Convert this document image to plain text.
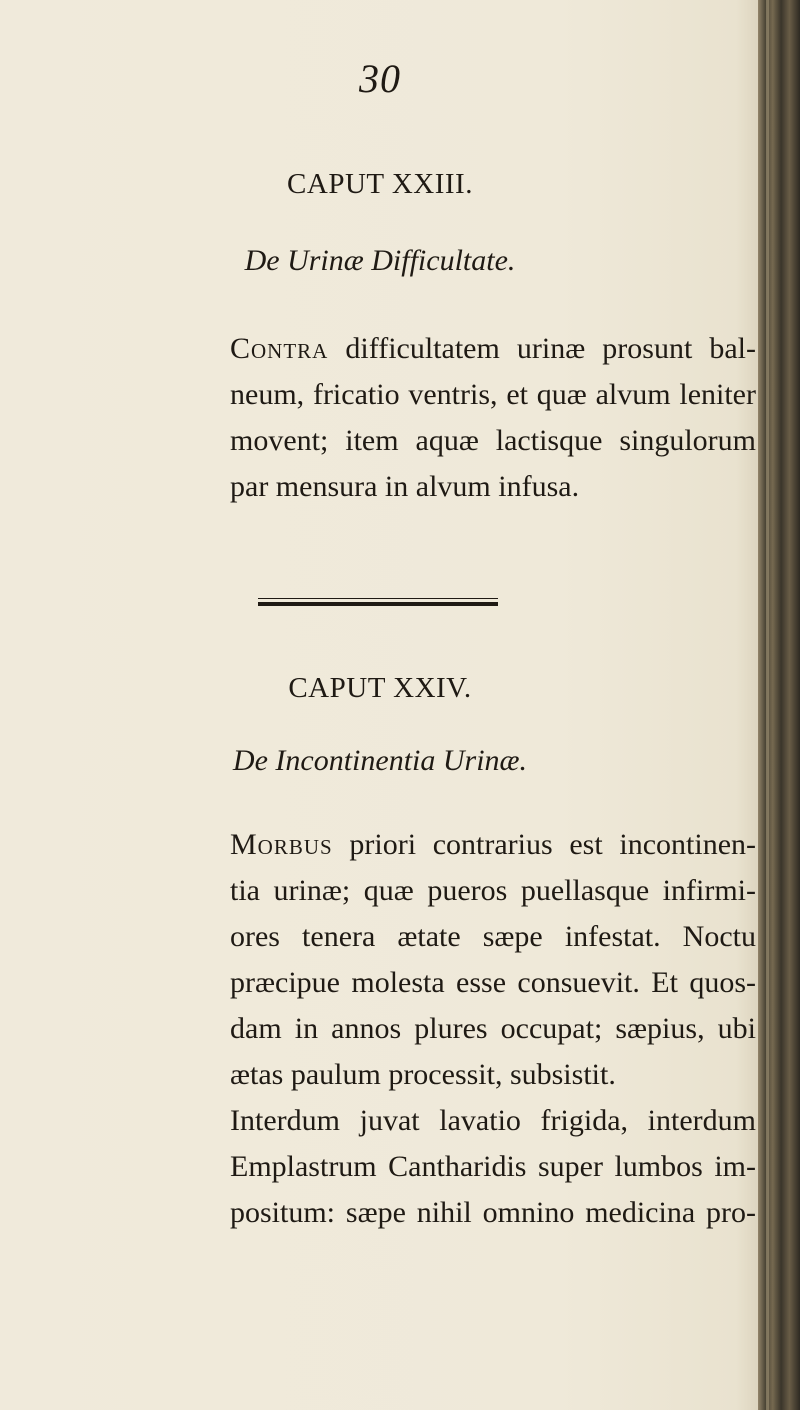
30
CAPUT XXIII.
De Urinæ Difficultate.
Contra difficultatem urinæ prosunt bal-
neum, fricatio ventris, et quæ alvum leniter
movent; item aquæ lactisque singulorum
par mensura in alvum infusa.
CAPUT XXIV.
De Incontinentia Urinæ.
Morbus priori contrarius est incontinen-
tia urinæ; quæ pueros puellasque infirmi-
ores tenera ætate sæpe infestat. Noctu
præcipue molesta esse consuevit. Et quos-
dam in annos plures occupat; sæpius, ubi
ætas paulum processit, subsistit.
Interdum juvat lavatio frigida, interdum
Emplastrum Cantharidis super lumbos im-
positum: sæpe nihil omnino medicina pro-
